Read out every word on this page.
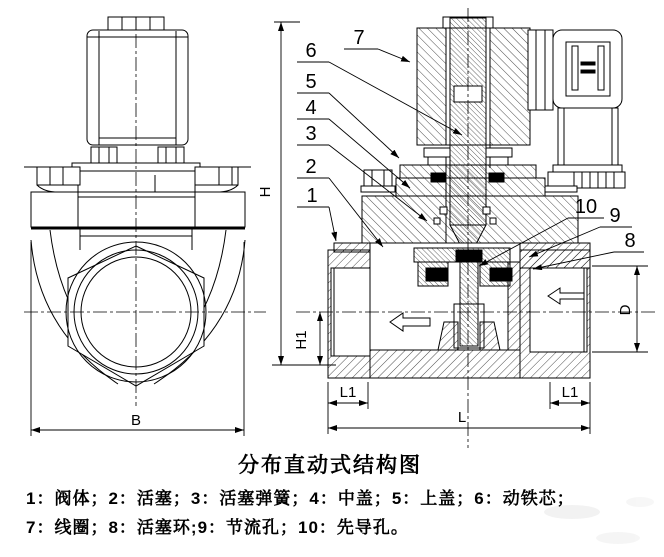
B
H
H1
L1	L1
L
D
7
6
5
4
3
2
1	10 9
8
分布直动式结构图
1：阀体；2：活塞；3：活塞弹簧；4：中盖；5：上盖；6：动铁芯；
7：线圈；8：活塞环;9：节流孔；10：先导孔。
